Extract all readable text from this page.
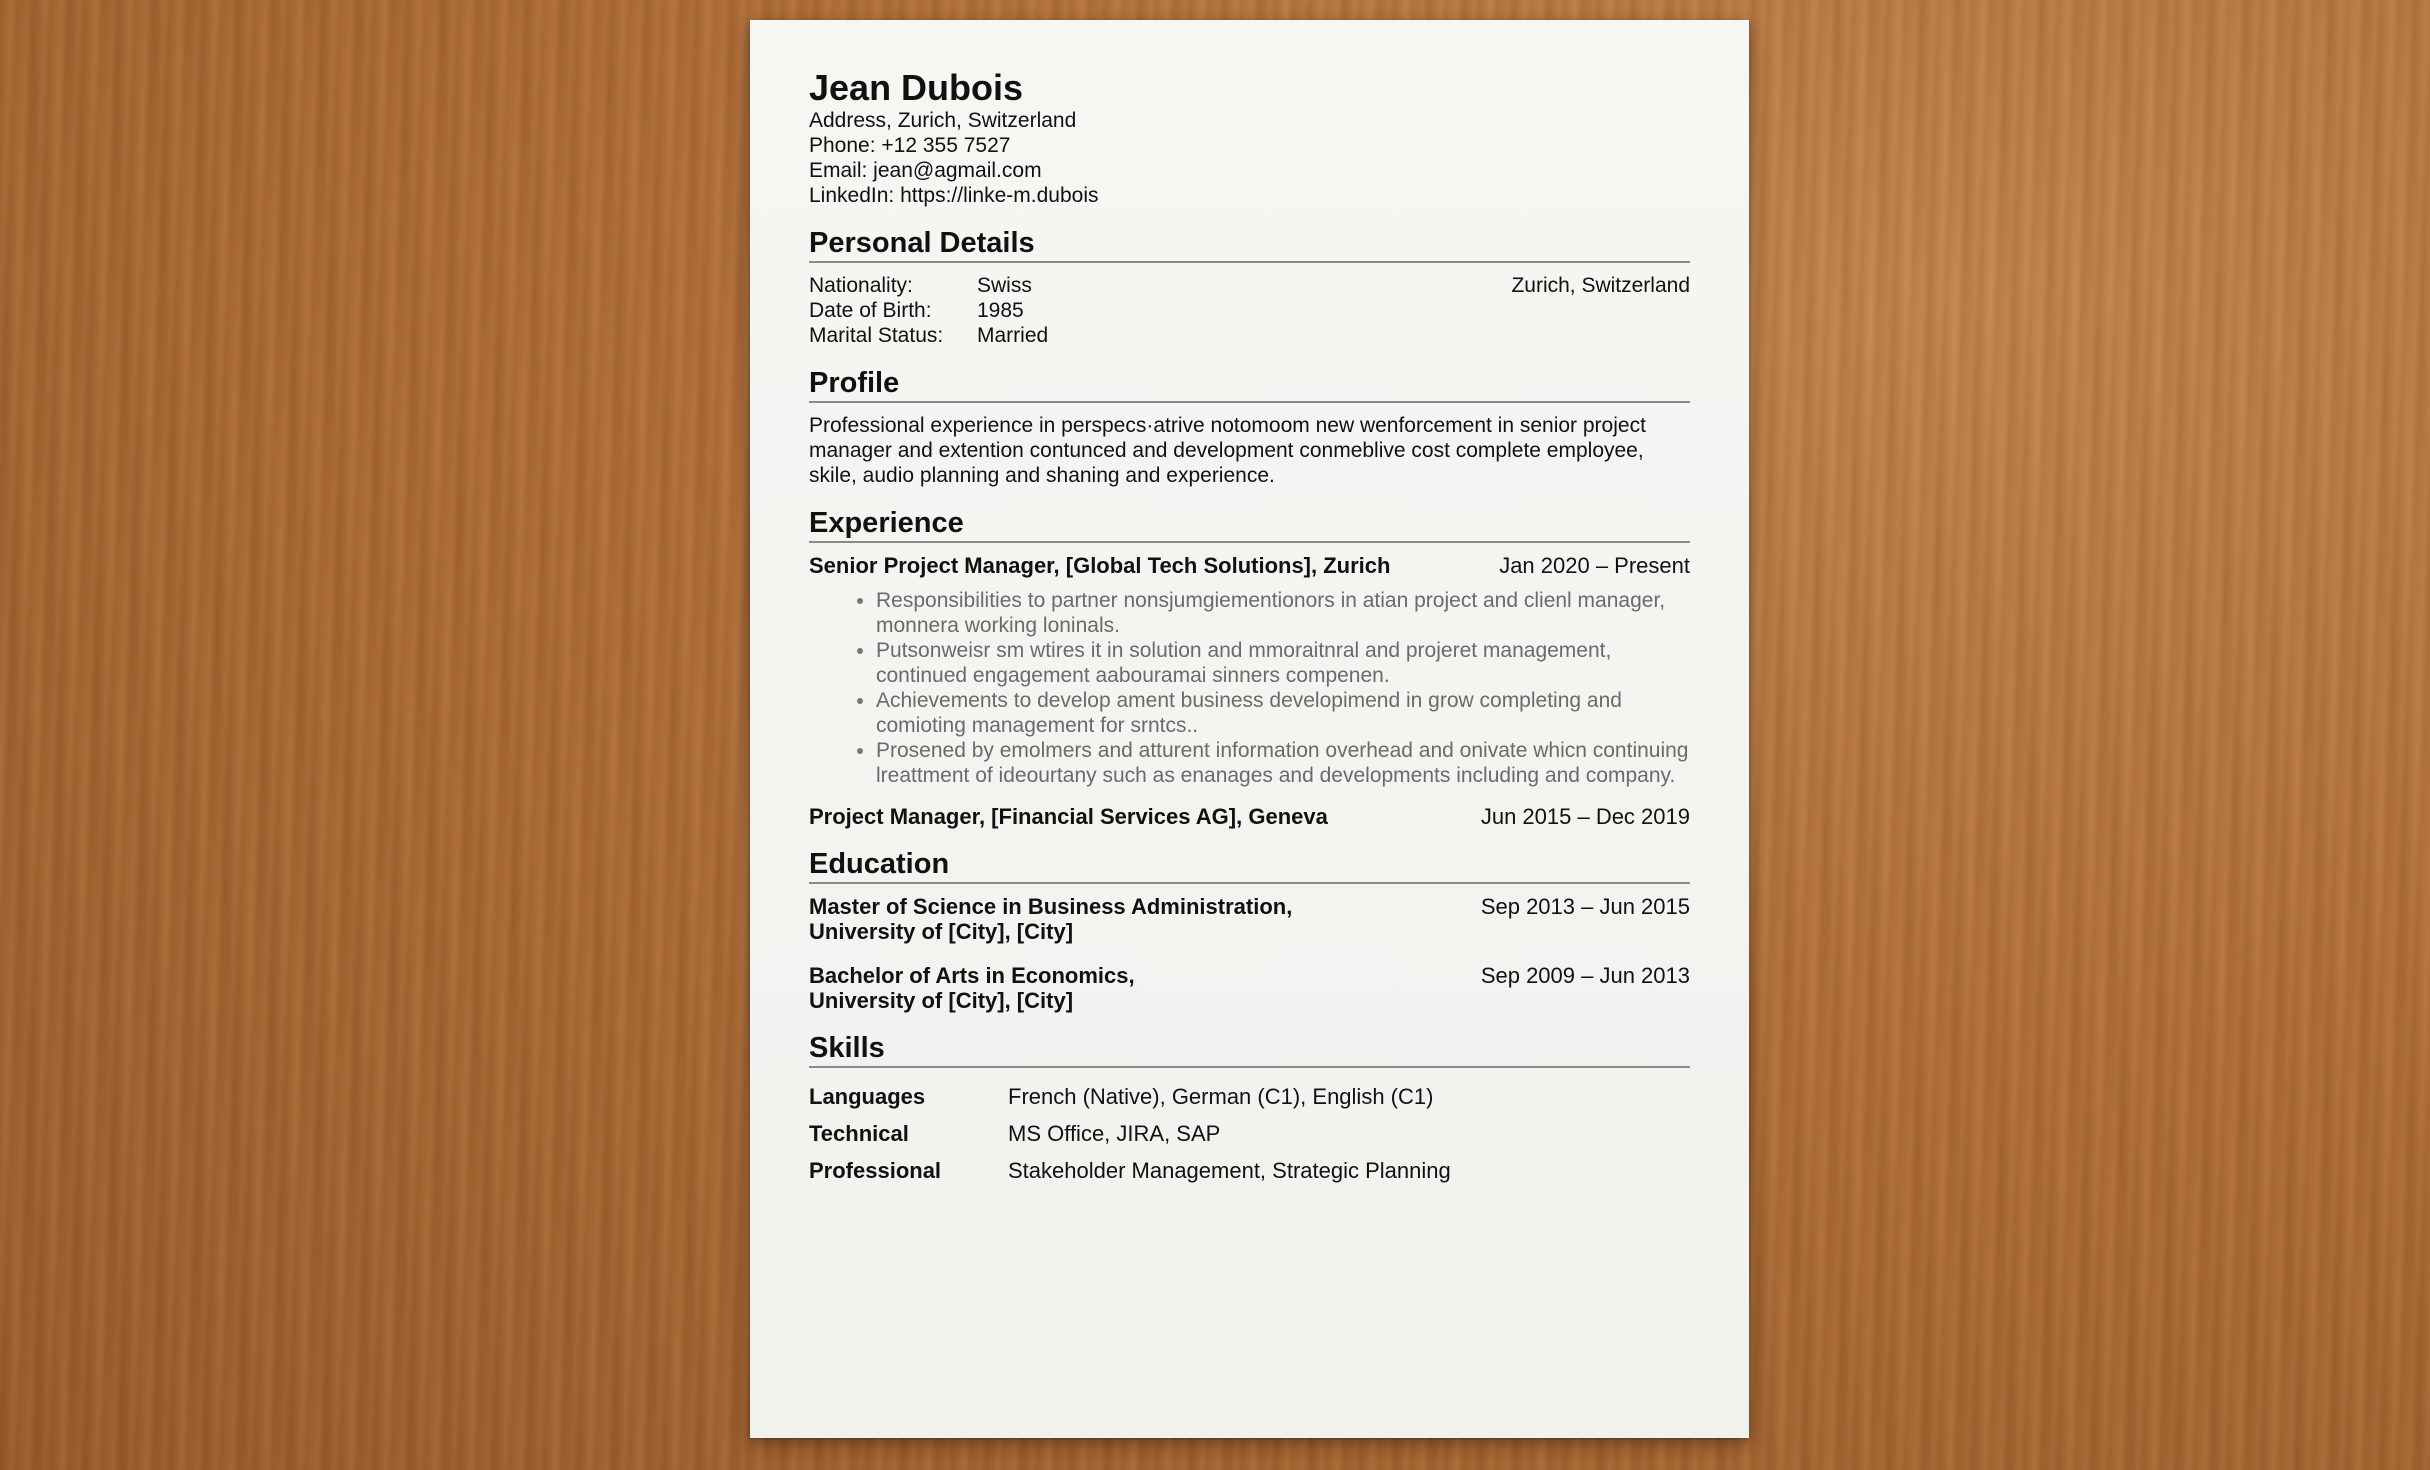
Jean Dubois
Address, Zurich, Switzerland
Phone: +12 355 7527
Email: jean@agmail.com
LinkedIn: https://linke-m.dubois
Personal Details
Nationality:	Swiss	Zurich, Switzerland
Date of Birth:	1985
Marital Status:	Married
Profile

Professional experience in perspecs·atrive notomoom new wenforcement in senior project manager and extention contunced and development conmeblive cost complete employee, skile, audio planning and shaning and experience.

Experience
Senior Project Manager, [Global Tech Solutions], Zurich	Jan 2020 – Present
• Responsibilities to partner nonsjumgiementionors in atian project and clienl manager, monnera working loninals.
• Putsonweisr sm wtires it in solution and mmoraitnral and projeret management, continued engagement aabouramai sinners compenen.
• Achievements to develop ament business developimend in grow completing and comioting management for srntcs..
• Prosened by emolmers and atturent information overhead and onivate whicn continuing lreattment of ideourtany such as enanages and developments including and company.
Project Manager, [Financial Services AG], Geneva	Jun 2015 – Dec 2019
Education
Master of Science in Business Administration,	Sep 2013 – Jun 2015
University of [City], [City]
Bachelor of Arts in Economics,	Sep 2009 – Jun 2013
University of [City], [City]
Skills
Languages	French (Native), German (C1), English (C1)
Technical	MS Office, JIRA, SAP
Professional	Stakeholder Management, Strategic Planning
